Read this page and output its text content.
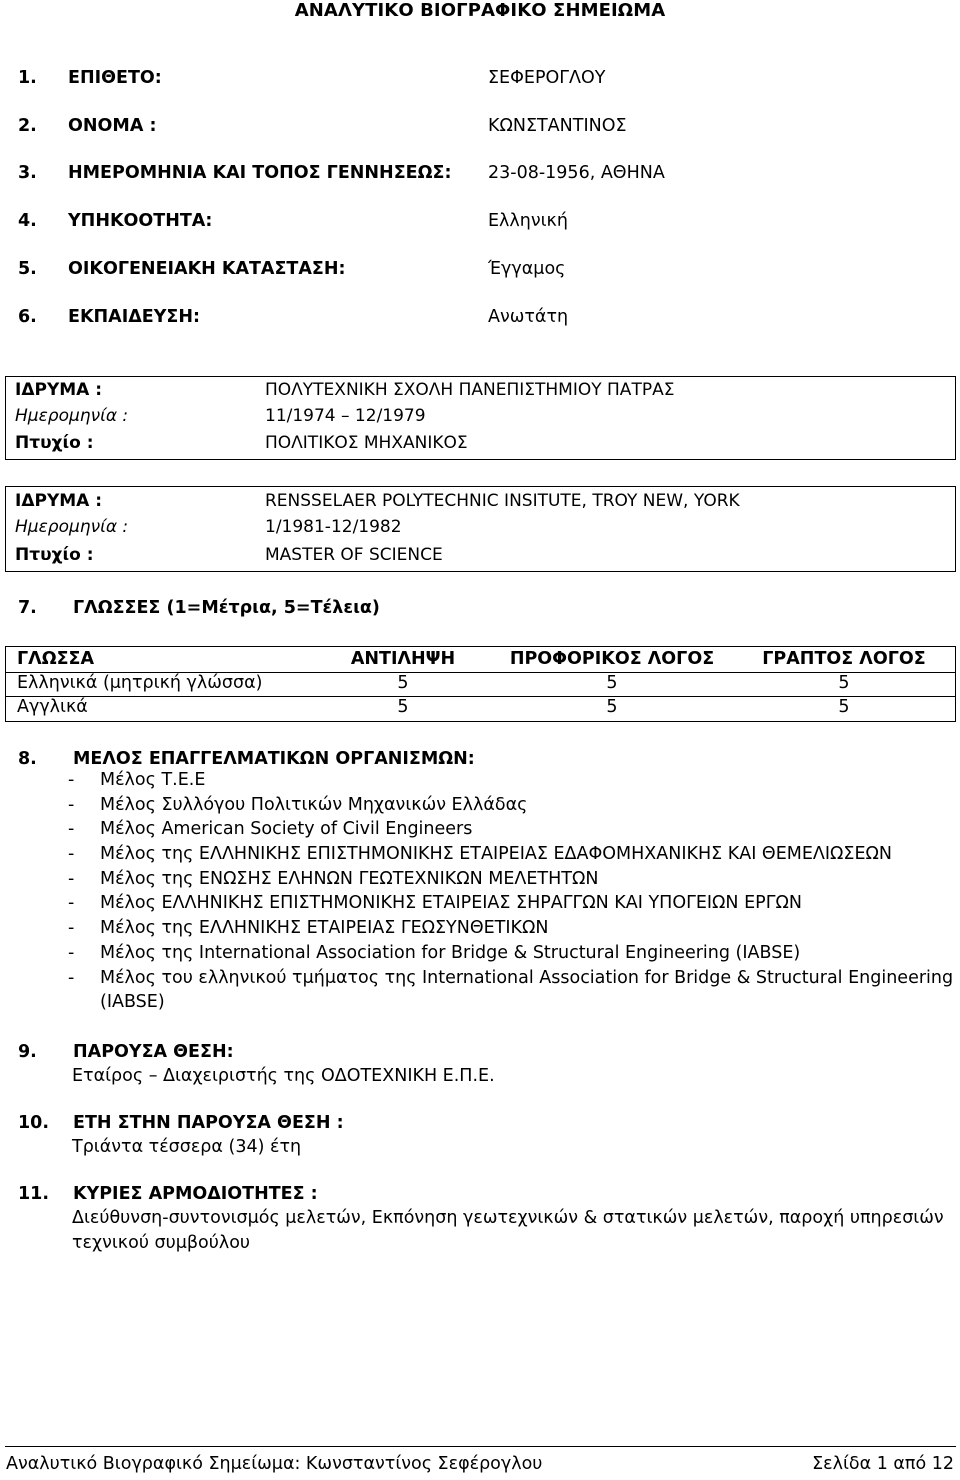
ΑΝΑΛΥΤΙΚΟ ΒΙΟΓΡΑΦΙΚΟ ΣΗΜΕΙΩΜΑ
1. ΕΠΙΘΕΤΟ:	ΣΕΦΕΡΟΓΛΟΥ
2. ΟΝΟΜΑ :	ΚΩΝΣΤΑΝΤΙΝΟΣ
3. ΗΜΕΡΟΜΗΝΙΑ ΚΑΙ ΤΟΠΟΣ ΓΕΝΝΗΣΕΩΣ: 23-08-1956, ΑΘΗΝΑ
4. ΥΠΗΚΟΟΤΗΤΑ:	Ελληνική
5. ΟΙΚΟΓΕΝΕΙΑΚΗ ΚΑΤΑΣΤΑΣΗ:	Έγγαμος
6. ΕΚΠΑΙΔΕΥΣΗ:	Ανωτάτη
ΙΔΡΥΜΑ :	ΠΟΛΥΤΕΧΝΙΚΗ ΣΧΟΛΗ ΠΑΝΕΠΙΣΤΗΜΙΟΥ ΠΑΤΡΑΣ
Ημερομηνία :	11/1974 – 12/1979
Πτυχίο :	ΠΟΛΙΤΙΚΟΣ ΜΗΧΑΝΙΚΟΣ
ΙΔΡΥΜΑ :	RENSSELAER POLYTECHNIC INSITUTE, TROY NEW, YORK
Ημερομηνία :	1/1981-12/1982
Πτυχίο :	MASTER OF SCIENCE
7. ΓΛΩΣΣΕΣ (1=Μέτρια, 5=Τέλεια)
ΓΛΩΣΣΑ	ΑΝΤΙΛΗΨΗ	ΠΡΟΦΟΡΙΚΟΣ ΛΟΓΟΣ	ΓΡΑΠΤΟΣ ΛΟΓΟΣ
Ελληνικά (μητρική γλώσσα)	5	5	5
Αγγλικά	5	5	5
8. ΜΕΛΟΣ ΕΠΑΓΓΕΛΜΑΤΙΚΩΝ ΟΡΓΑΝΙΣΜΩΝ:
- Μέλος Τ.Ε.Ε
- Μέλος Συλλόγου Πολιτικών Μηχανικών Ελλάδας
- Μέλος American Society of Civil Engineers
- Μέλος της ΕΛΛΗΝΙΚΗΣ ΕΠΙΣΤΗΜΟΝΙΚΗΣ ΕΤΑΙΡΕΙΑΣ ΕΔΑΦΟΜΗΧΑΝΙΚΗΣ ΚΑΙ ΘΕΜΕΛΙΩΣΕΩΝ
- Μέλος της ΕΝΩΣΗΣ ΕΛΗΝΩΝ ΓΕΩΤΕΧΝΙΚΩΝ ΜΕΛΕΤΗΤΩΝ
- Μέλος ΕΛΛΗΝΙΚΗΣ ΕΠΙΣΤΗΜΟΝΙΚΗΣ ΕΤΑΙΡΕΙΑΣ ΣΗΡΑΓΓΩΝ ΚΑΙ ΥΠΟΓΕΙΩΝ ΕΡΓΩΝ
- Μέλος της ΕΛΛΗΝΙΚΗΣ ΕΤΑΙΡΕΙΑΣ ΓΕΩΣΥΝΘΕΤΙΚΩΝ
- Μέλος της International Association for Bridge & Structural Engineering (IABSE)
- Μέλος του ελληνικού τμήματος της International Association for Bridge & Structural Engineering
(IABSE)
9. ΠΑΡΟΥΣΑ ΘΕΣΗ:
Εταίρος – Διαχειριστής της ΟΔΟΤΕΧΝΙΚΗ Ε.Π.Ε.
10. ΕΤΗ ΣΤΗΝ ΠΑΡΟΥΣΑ ΘΕΣΗ :
Τριάντα τέσσερα (34) έτη
11. ΚΥΡΙΕΣ ΑΡΜΟΔΙΟΤΗΤΕΣ :
Διεύθυνση-συντονισμός μελετών, Εκπόνηση γεωτεχνικών & στατικών μελετών, παροχή υπηρεσιών
τεχνικού συμβούλου
Αναλυτικό Βιογραφικό Σημείωμα: Κωνσταντίνος Σεφέρογλου	Σελίδα 1 από 12
